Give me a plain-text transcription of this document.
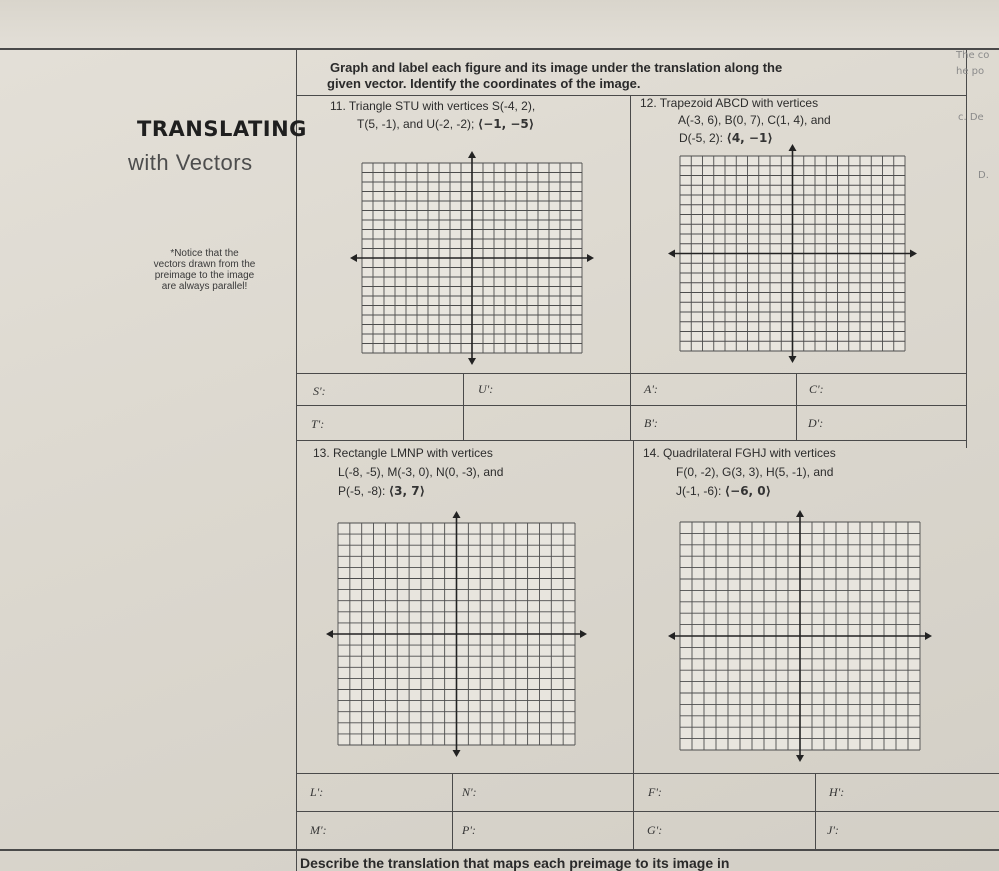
Graph and label each figure and its image under the translation along the
given vector. Identify the coordinates of the image.
TRANSLATING
with Vectors
*Notice that the
vectors drawn from the
preimage to the image
are always parallel!
The co
he po
c. De
D.
11. Triangle STU with vertices S(-4, 2),
T(5, -1), and U(-2, -2); ⟨−1, −5⟩
12. Trapezoid ABCD with vertices
A(-3, 6), B(0, 7), C(1, 4), and
D(-5, 2): ⟨4, −1⟩
13. Rectangle LMNP with vertices
L(-8, -5), M(-3, 0), N(0, -3), and
P(-5, -8): ⟨3, 7⟩
14. Quadrilateral FGHJ with vertices
F(0, -2), G(3, 3), H(5, -1), and
J(-1, -6): ⟨−6, 0⟩
S':	U':
T':
A':	C':
B':	D':
L':	N':
M':	P':
F':	H':
G':	J':
Describe the translation that maps each preimage to its image in
